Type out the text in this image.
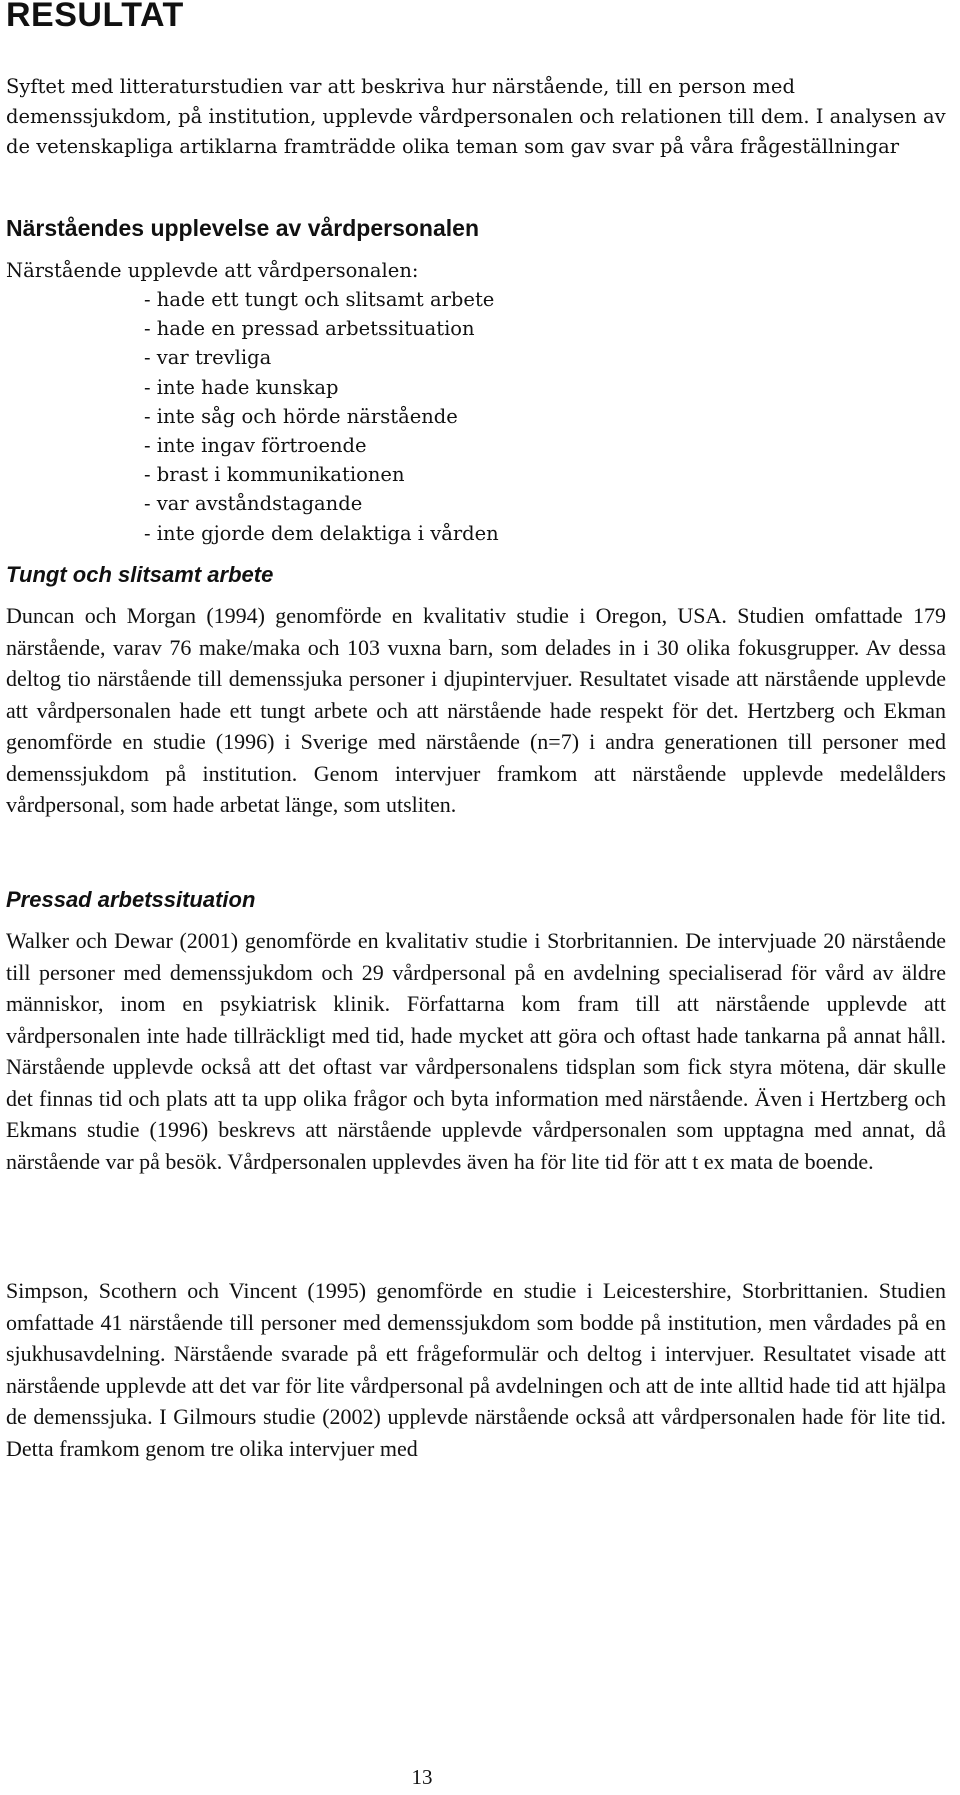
RESULTAT

Syftet med litteraturstudien var att beskriva hur närstående, till en person med demenssjukdom, på institution, upplevde vårdpersonalen och relationen till dem. I analysen av de vetenskapliga artiklarna framträdde olika teman som gav svar på våra frågeställningar

Närståendes upplevelse av vårdpersonalen

Närstående upplevde att vårdpersonalen:

- hade ett tungt och slitsamt arbete
- hade en pressad arbetssituation
- var trevliga
- inte hade kunskap
- inte såg och hörde närstående
- inte ingav förtroende
- brast i kommunikationen
- var avståndstagande
- inte gjorde dem delaktiga i vården
Tungt och slitsamt arbete

Duncan och Morgan (1994) genomförde en kvalitativ studie i Oregon, USA. Studien omfattade 179 närstående, varav 76 make/maka och 103 vuxna barn, som delades in i 30 olika fokusgrupper. Av dessa deltog tio närstående till demenssjuka personer i djupintervjuer. Resultatet visade att närstående upplevde att vårdpersonalen hade ett tungt arbete och att närstående hade respekt för det. Hertzberg och Ekman genomförde en studie (1996) i Sverige med närstående (n=7) i andra generationen till personer med demenssjukdom på institution. Genom intervjuer framkom att närstående upplevde medelålders vårdpersonal, som hade arbetat länge, som utsliten.

Pressad arbetssituation

Walker och Dewar (2001) genomförde en kvalitativ studie i Storbritannien. De intervjuade 20 närstående till personer med demenssjukdom och 29 vårdpersonal på en avdelning specialiserad för vård av äldre människor, inom en psykiatrisk klinik. Författarna kom fram till att närstående upplevde att vårdpersonalen inte hade tillräckligt med tid, hade mycket att göra och oftast hade tankarna på annat håll. Närstående upplevde också att det oftast var vårdpersonalens tidsplan som fick styra mötena, där skulle det finnas tid och plats att ta upp olika frågor och byta information med närstående. Även i Hertzberg och Ekmans studie (1996) beskrevs att närstående upplevde vårdpersonalen som upptagna med annat, då närstående var på besök. Vårdpersonalen upplevdes även ha för lite tid för att t ex mata de boende.

Simpson, Scothern och Vincent (1995) genomförde en studie i Leicestershire, Storbrittanien. Studien omfattade 41 närstående till personer med demenssjukdom som bodde på institution, men vårdades på en sjukhusavdelning. Närstående svarade på ett frågeformulär och deltog i intervjuer. Resultatet visade att närstående upplevde att det var för lite vårdpersonal på avdelningen och att de inte alltid hade tid att hjälpa de demenssjuka. I Gilmours studie (2002) upplevde närstående också att vårdpersonalen hade för lite tid. Detta framkom genom tre olika intervjuer med

13
